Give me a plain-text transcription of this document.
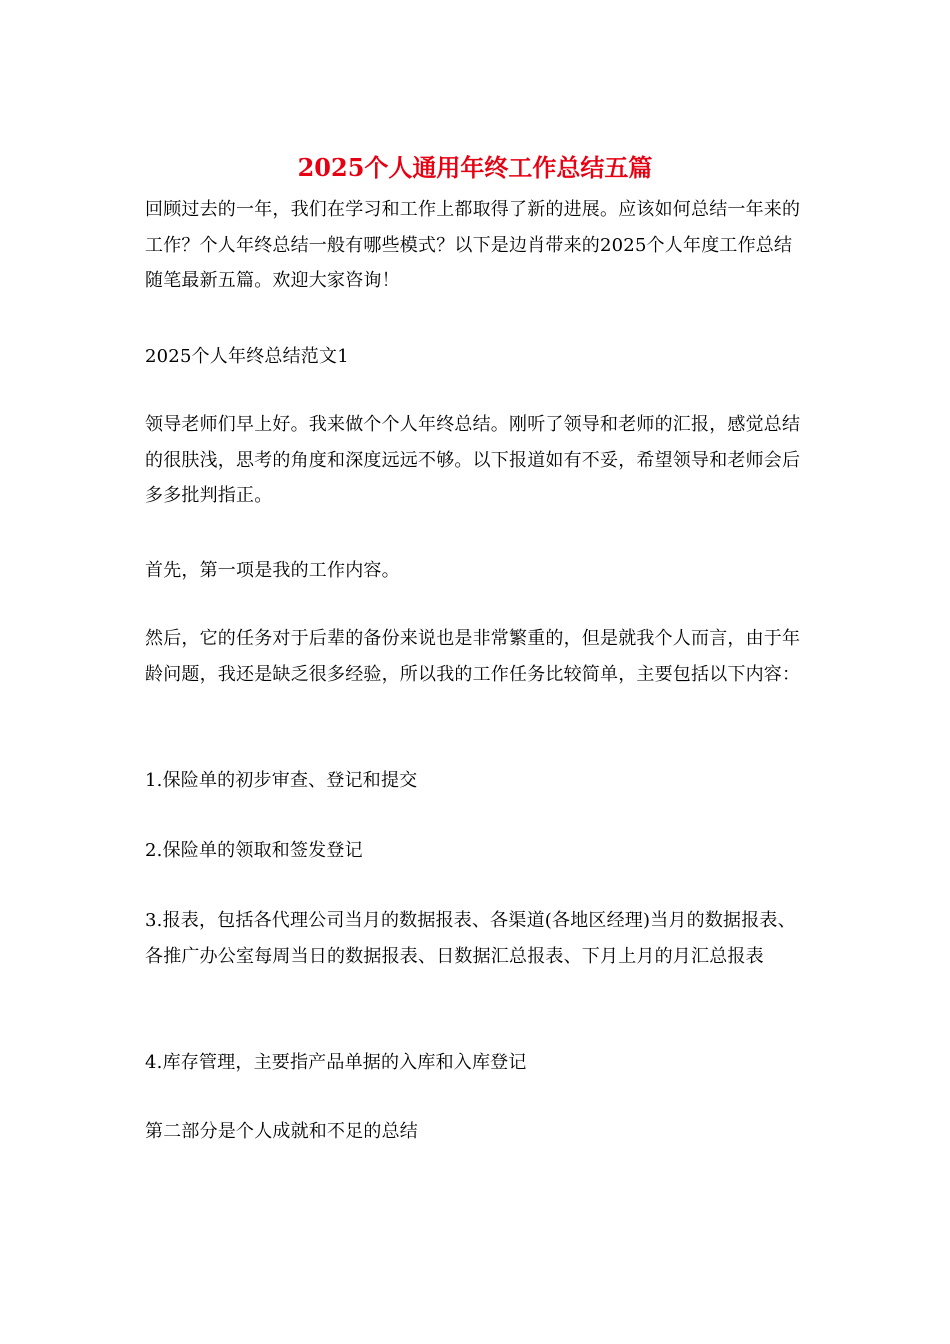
2025个人通用年终工作总结五篇

回顾过去的一年，我们在学习和工作上都取得了新的进展。应该如何总结一年来的工作？个人年终总结一般有哪些模式？以下是边肖带来的2025个人年度工作总结随笔最新五篇。欢迎大家咨询！

2025个人年终总结范文1

领导老师们早上好。我来做个个人年终总结。刚听了领导和老师的汇报，感觉总结的很肤浅，思考的角度和深度远远不够。以下报道如有不妥，希望领导和老师会后多多批判指正。

首先，第一项是我的工作内容。

然后，它的任务对于后辈的备份来说也是非常繁重的，但是就我个人而言，由于年龄问题，我还是缺乏很多经验，所以我的工作任务比较简单，主要包括以下内容：

1.保险单的初步审查、登记和提交

2.保险单的领取和签发登记

3.报表，包括各代理公司当月的数据报表、各渠道(各地区经理)当月的数据报表、各推广办公室每周当日的数据报表、日数据汇总报表、下月上月的月汇总报表

4.库存管理，主要指产品单据的入库和入库登记

第二部分是个人成就和不足的总结
